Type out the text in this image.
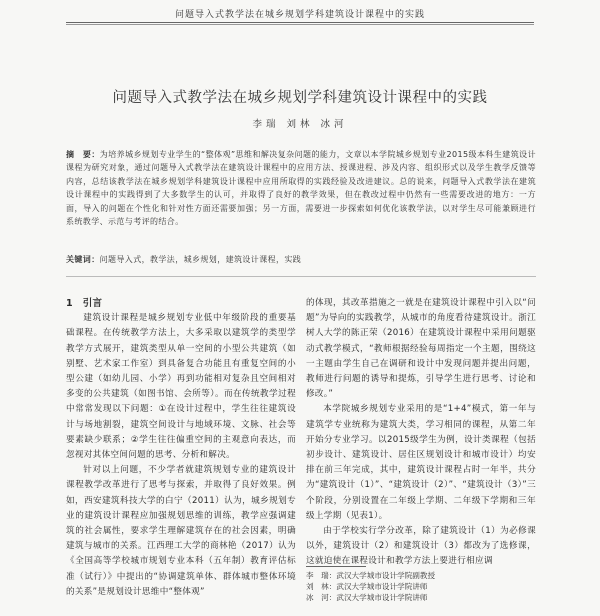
问题导入式教学法在城乡规划学科建筑设计课程中的实践
问题导入式教学法在城乡规划学科建筑设计课程中的实践
李瑞 刘林 冰河
摘　要：为培养城乡规划专业学生的“整体观”思维和解决复杂问题的能力，文章以本学院城乡规划专业2015级本科生建筑设计课程为研究对象，通过问题导入式教学法在建筑设计课程中的应用方法、授课进程、涉及内容、组织形式以及学生教学反馈等内容，总结该教学法在城乡规划学科建筑设计课程中应用所取得的实践经验及改进建议。总的说来，问题导入式教学法在建筑设计课程中的实践得到了大多数学生的认可，并取得了良好的教学效果，但在教改过程中仍然有一些需要改进的地方：一方面，导入的问题在个性化和针对性方面还需要加强；另一方面，需要进一步探索如何优化该教学法，以对学生尽可能兼顾进行系统教学、示范与考评的结合。
关键词：问题导入式，教学法，城乡规划，建筑设计课程，实践

1　引言

建筑设计课程是城乡规划专业低中年级阶段的重要基础课程。在传统教学方法上，大多采取以建筑学的类型学教学方式展开，建筑类型从单一空间的小型公共建筑（如别墅、艺术家工作室）到具备复合功能且有重复空间的小型公建（如幼儿园、小学）再到功能相对复杂且空间相对多变的公共建筑（如图书馆、会所等）。而在传统教学过程中常常发现以下问题：①在设计过程中，学生往往建筑设计与场地割裂，建筑空间设计与地域环境、文脉、社会等要素缺少联系；②学生往往偏重空间的主观意向表达，而忽视对其体空间问题的思考、分析和解决。

针对以上问题，不少学者就建筑规划专业的建筑设计课程教学改革进行了思考与探索，并取得了良好效果。例如，西安建筑科技大学的白宁（2011）认为，城乡规划专业的建筑设计课程应加强规划思维的训练，教学应强调建筑的社会属性，要求学生理解建筑存在的社会因素，明确建筑与城市的关系。江西理工大学的商林艳（2017）认为《全国高等学校城市规划专业本科（五年制）教育评估标准（试行）》中提出的“协调建筑单体、群体城市整体环境的关系”是规划设计思维中“整体观”

的体现，其改革措施之一就是在建筑设计课程中引入以“问题”为导向的实践教学，从城市的角度看待建筑设计。浙江树人大学的陈正荣（2016）在建筑设计课程中采用问题驱动式教学模式，“教师根据经验每周指定一个主题，围绕这一主题由学生自己在调研和设计中发现问题并提出问题，教师进行问题的诱导和提炼，引导学生进行思考、讨论和修改。”

本学院城乡规划专业采用的是“1+4”模式，第一年与建筑学专业统称为建筑大类，学习相同的课程，从第二年开始分专业学习。以2015级学生为例，设计类课程（包括初步设计、建筑设计、居住区规划设计和城市设计）均安排在前三年完成，其中，建筑设计课程占时一年半，共分为“建筑设计（1）”、“建筑设计（2）”、“建筑设计（3）”三个阶段，分别设置在二年级上学期、二年级下学期和三年级上学期（见表1）。

由于学校实行学分改革，除了建筑设计（1）为必修课以外，建筑设计（2）和建筑设计（3）都改为了选修课，这就迫使在课程设计和教学方法上要进行相应调

李　瑞：武汉大学城市设计学院副教授
刘　林：武汉大学城市设计学院讲师
冰　河：武汉大学城市设计学院讲师
